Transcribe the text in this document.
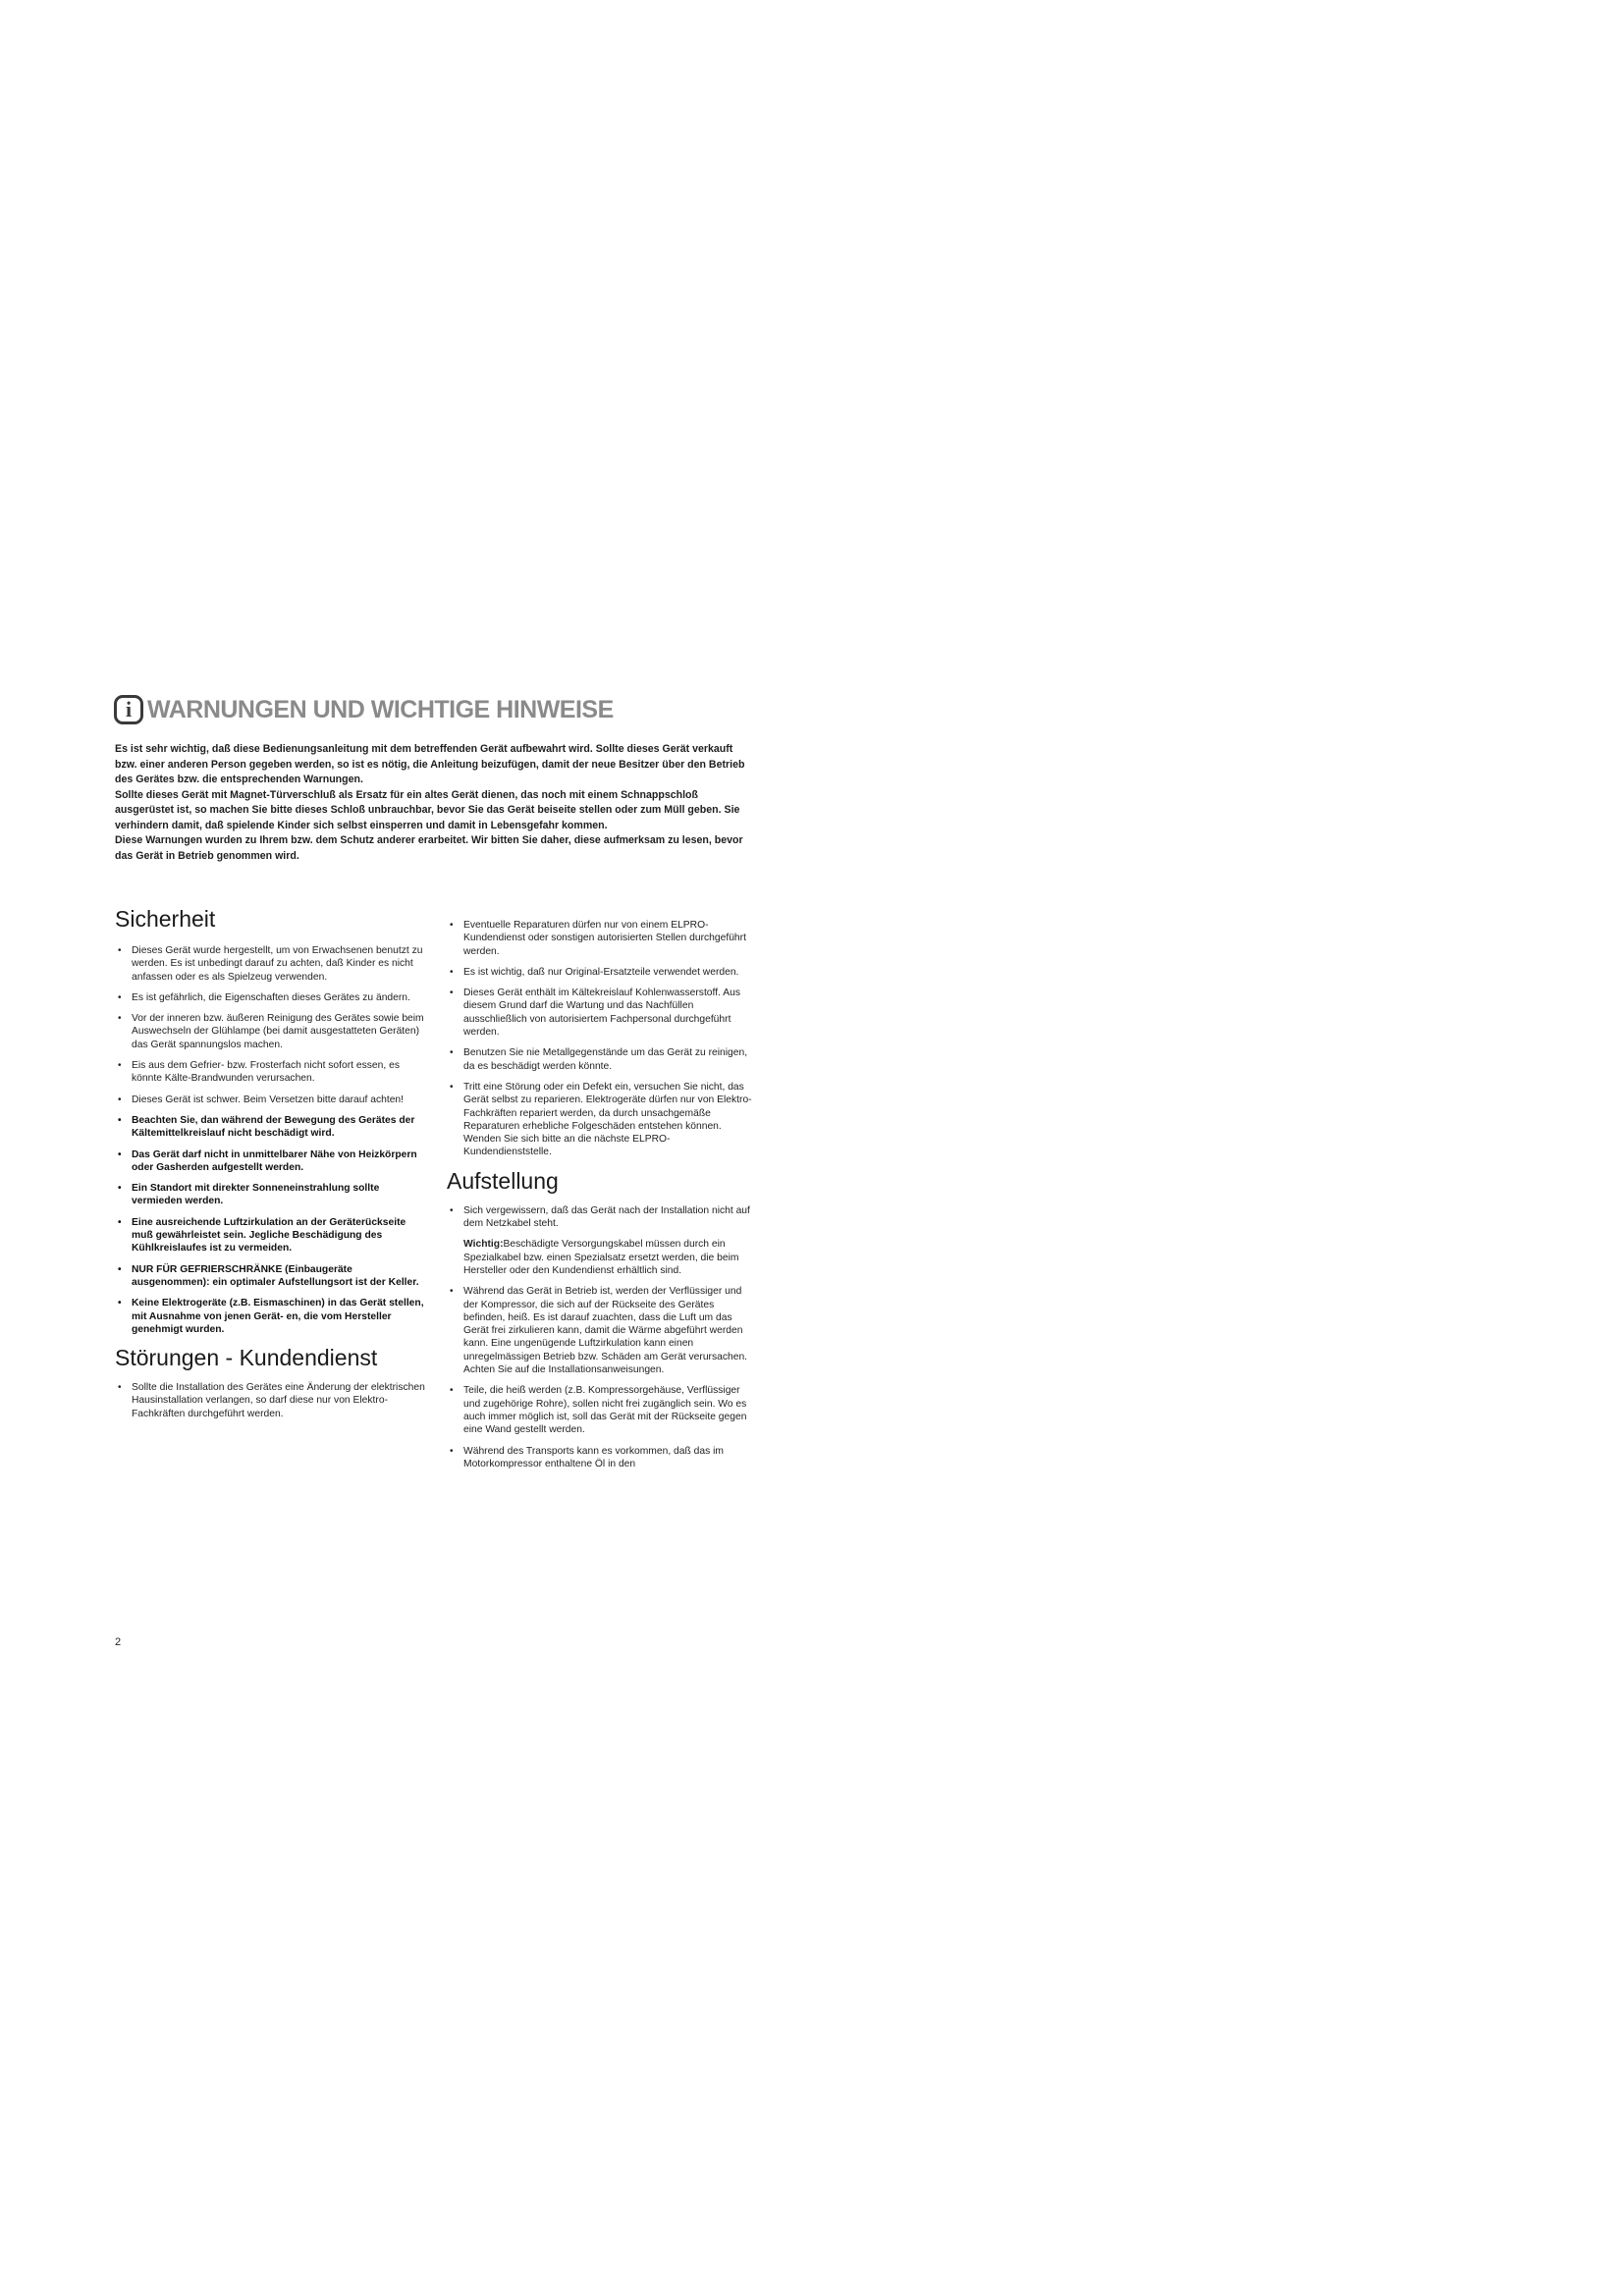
i WARNUNGEN UND WICHTIGE HINWEISE

Es ist sehr wichtig, daß diese Bedienungsanleitung mit dem betreffenden Gerät aufbewahrt wird. Sollte dieses Gerät verkauft bzw. einer anderen Person gegeben werden, so ist es nötig, die Anleitung beizufügen, damit der neue Besitzer über den Betrieb des Gerätes bzw. die entsprechenden Warnungen.

Sollte dieses Gerät mit Magnet-Türverschluß als Ersatz für ein altes Gerät dienen, das noch mit einem Schnappschloß ausgerüstet ist, so machen Sie bitte dieses Schloß unbrauchbar, bevor Sie das Gerät beiseite stellen oder zum Müll geben. Sie verhindern damit, daß spielende Kinder sich selbst einsperren und damit in Lebensgefahr kommen.

Diese Warnungen wurden zu Ihrem bzw. dem Schutz anderer erarbeitet. Wir bitten Sie daher, diese aufmerksam zu lesen, bevor das Gerät in Betrieb genommen wird.

Sicherheit
• Dieses Gerät wurde hergestellt, um von Erwachsenen benutzt zu werden. Es ist unbedingt darauf zu achten, daß Kinder es nicht anfassen oder es als Spielzeug verwenden.
• Es ist gefährlich, die Eigenschaften dieses Gerätes zu ändern.
• Vor der inneren bzw. äußeren Reinigung des Gerätes sowie beim Auswechseln der Glühlampe (bei damit ausgestatteten Geräten) das Gerät spannungslos machen.
• Eis aus dem Gefrier- bzw. Frosterfach nicht sofort essen, es könnte Kälte-Brandwunden verursachen.
• Dieses Gerät ist schwer. Beim Versetzen bitte darauf achten!
• Beachten Sie, dan während der Bewegung des Gerätes der Kältemittelkreislauf nicht beschädigt wird.
• Das Gerät darf nicht in unmittelbarer Nähe von Heizkörpern oder Gasherden aufgestellt werden.
• Ein Standort mit direkter Sonneneinstrahlung sollte vermieden werden.
• Eine ausreichende Luftzirkulation an der Geräterückseite muß gewährleistet sein. Jegliche Beschädigung des Kühlkreislaufes ist zu vermeiden.
• NUR FÜR GEFRIERSCHRÄNKE (Einbaugeräte ausgenommen): ein optimaler Aufstellungsort ist der Keller.
• Keine Elektrogeräte (z.B. Eismaschinen) in das Gerät stellen, mit Ausnahme von jenen Gerät- en, die vom Hersteller genehmigt wurden.
Störungen - Kundendienst
• Sollte die Installation des Gerätes eine Änderung der elektrischen Hausinstallation verlangen, so darf diese nur von Elektro-Fachkräften durchgeführt werden.
• Eventuelle Reparaturen dürfen nur von einem ELPRO-Kundendienst oder sonstigen autorisierten Stellen durchgeführt werden.
• Es ist wichtig, daß nur Original-Ersatzteile verwendet werden.
• Dieses Gerät enthält im Kältekreislauf Kohlenwasserstoff. Aus diesem Grund darf die Wartung und das Nachfüllen ausschließlich von autorisiertem Fachpersonal durchgeführt werden.
• Benutzen Sie nie Metallgegenstände um das Gerät zu reinigen, da es beschädigt werden könnte.
• Tritt eine Störung oder ein Defekt ein, versuchen Sie nicht, das Gerät selbst zu reparieren. Elektrogeräte dürfen nur von Elektro-Fachkräften repariert werden, da durch unsachgemäße Reparaturen erhebliche Folgeschäden entstehen können. Wenden Sie sich bitte an die nächste ELPRO-Kundendienststelle.
Aufstellung
• Sich vergewissern, daß das Gerät nach der Installation nicht auf dem Netzkabel steht.
Wichtig:Beschädigte Versorgungskabel müssen durch ein Spezialkabel bzw. einen Spezialsatz ersetzt werden, die beim Hersteller oder den Kundendienst erhältlich sind.
• Während das Gerät in Betrieb ist, werden der Verflüssiger und der Kompressor, die sich auf der Rückseite des Gerätes befinden, heiß. Es ist darauf zuachten, dass die Luft um das Gerät frei zirkulieren kann, damit die Wärme abgeführt werden kann. Eine ungenügende Luftzirkulation kann einen unregelmässigen Betrieb bzw. Schäden am Gerät verursachen. Achten Sie auf die Installationsanweisungen.
• Teile, die heiß werden (z.B. Kompressorgehäuse, Verflüssiger und zugehörige Rohre), sollen nicht frei zugänglich sein. Wo es auch immer möglich ist, soll das Gerät mit der Rückseite gegen eine Wand gestellt werden.
• Während des Transports kann es vorkommen, daß das im Motorkompressor enthaltene Öl in den
2
